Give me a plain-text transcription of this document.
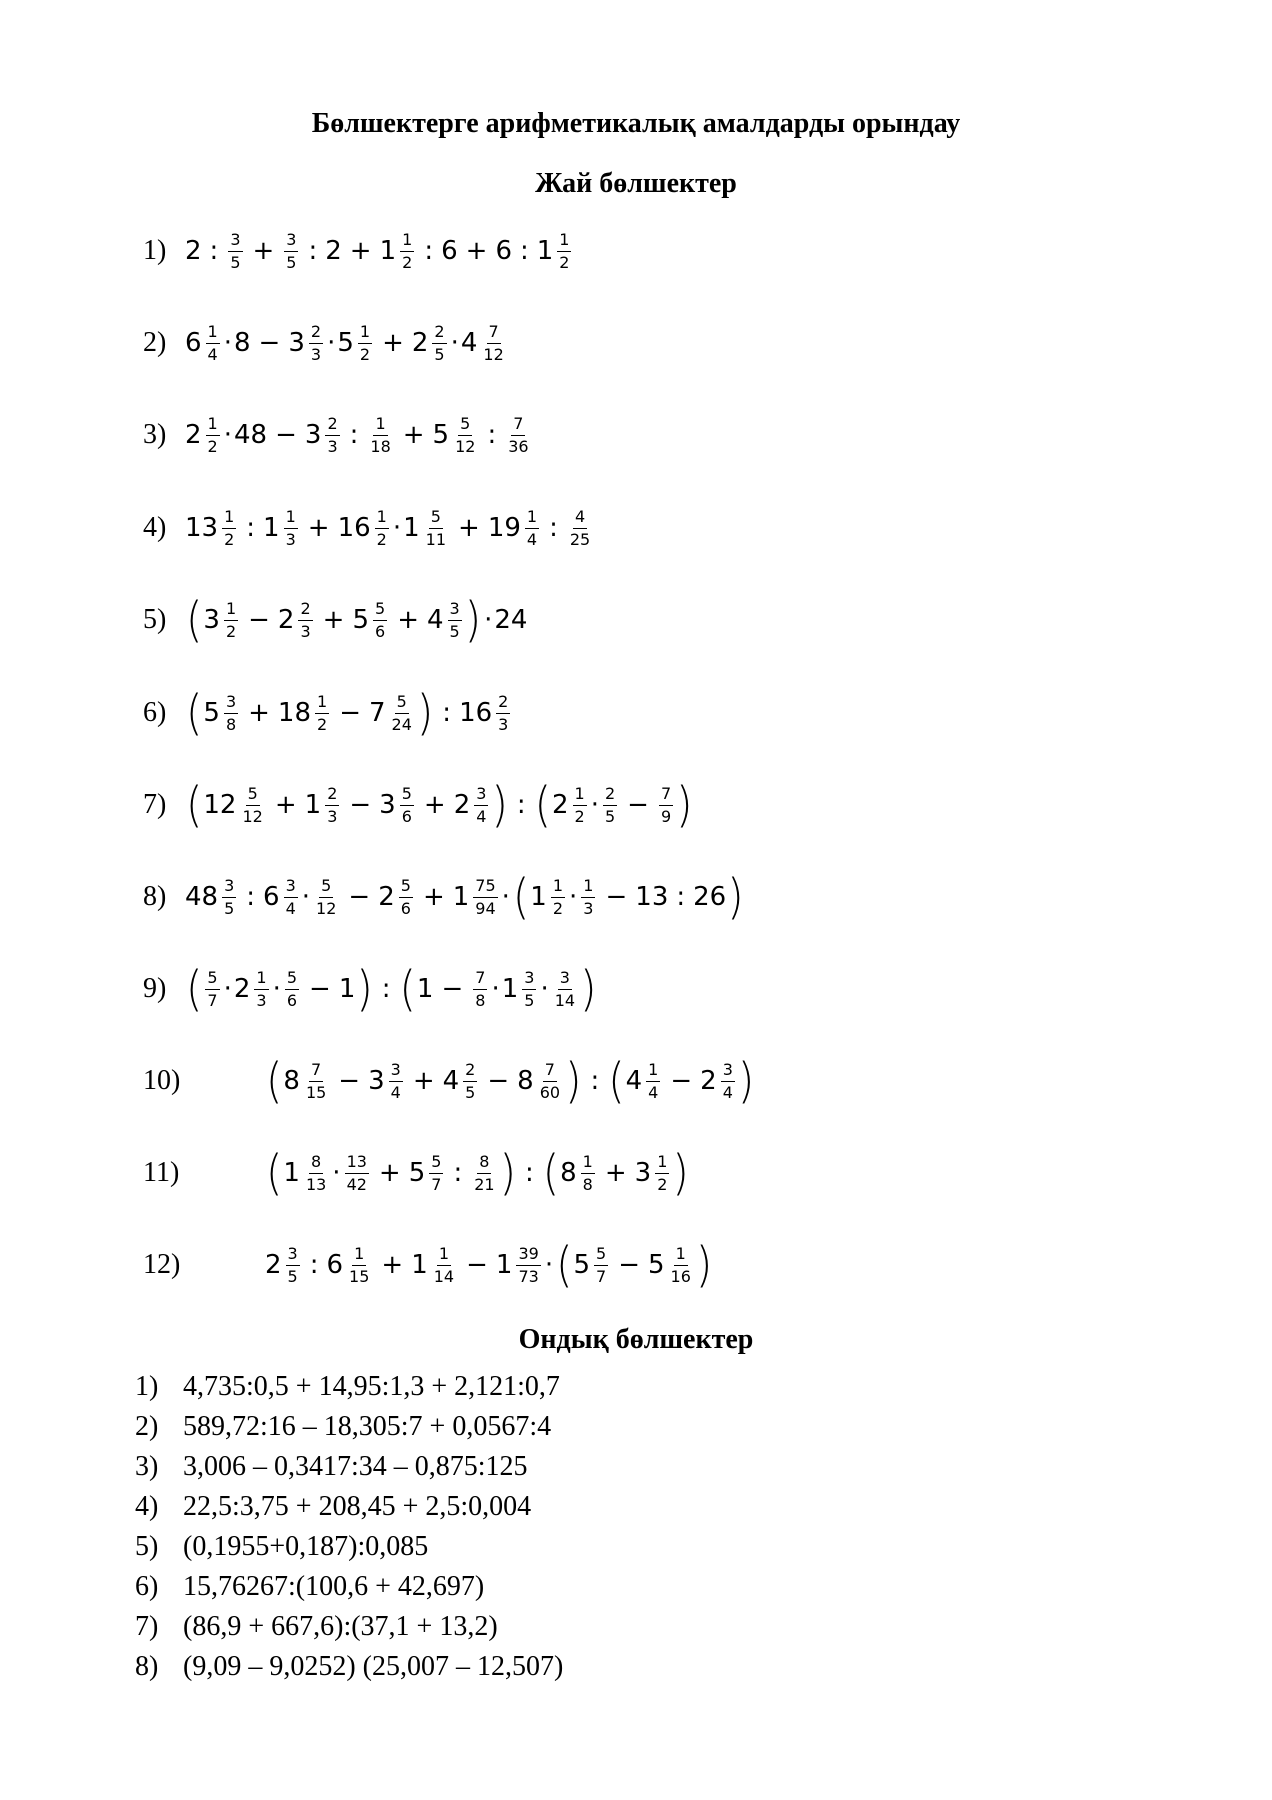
Бөлшектерге арифметикалық амалдарды орындау
Жай бөлшектер
1) 2 : $\frac{3}{5} + \frac{3}{5}$ : $2 + 1 \frac{1}{2}$ : 6 + 6 : $1 \frac{1}{2}$
2) $6 \frac{1}{4} \cdot 8 - 3 \frac{2}{3} \cdot 5 \frac{1}{2} + 2 \frac{2}{5} \cdot 4 \frac{7}{12}$
3) $2 \frac{1}{2} \cdot 48 - 3 \frac{2}{3}$ : $\frac{1}{18} + 5 \frac{5}{12}$ : $\frac{7}{36}$
4) $13 \frac{1}{2}$ : $1 \frac{1}{3} + 16 \frac{1}{2} \cdot 1 \frac{5}{11} + 19 \frac{1}{4}$ : $\frac{4}{25}$
5) ( $3 \frac{1}{2} - 2 \frac{2}{3} + 5 \frac{5}{6} + 4 \frac{3}{5}$ ) · 24
6) ( $5 \frac{3}{8} + 18 \frac{1}{2} - 7 \frac{5}{24}$ ) : $16 \frac{2}{3}$
7) ( $12 \frac{5}{12} + 1 \frac{2}{3} - 3 \frac{5}{6} + 2 \frac{3}{4}$ ) : ( $2 \frac{1}{2} \cdot \frac{2}{5} - \frac{7}{9}$ )
8) $48 \frac{3}{5}$ : $6 \frac{3}{4} \cdot \frac{5}{12} - 2 \frac{5}{6} + 1 \frac{75}{94}$ · ( $1 \frac{1}{2} \cdot \frac{1}{3} - 13$ : 26 )
9) ( $\frac{5}{7} \cdot 2 \frac{1}{3} \cdot \frac{5}{6} - 1$ ) : ( $1 - \frac{7}{8} \cdot 1 \frac{3}{5} \cdot \frac{3}{14}$ )
10)	( $8 \frac{7}{15} - 3 \frac{3}{4} + 4 \frac{2}{5} - 8 \frac{7}{60}$ ) : ( $4 \frac{1}{4} - 2 \frac{3}{4}$ )
11)	( $1 \frac{8}{13} \cdot \frac{13}{42} + 5 \frac{5}{7}$ : $\frac{8}{21}$ ) : ( $8 \frac{1}{8} + 3 \frac{1}{2}$ )
12)	$2 \frac{3}{5}$ : $6 \frac{1}{15} + 1 \frac{1}{14} - 1 \frac{39}{73}$ · ( $5 \frac{5}{7} - 5 \frac{1}{16}$ )
Ондық бөлшектер
1) 4,735:0,5 + 14,95:1,3 + 2,121:0,7
2) 589,72:16 – 18,305:7 + 0,0567:4
3) 3,006 – 0,3417:34 – 0,875:125
4) 22,5:3,75 + 208,45 + 2,5:0,004
5) (0,1955+0,187):0,085
6) 15,76267:(100,6 + 42,697)
7) (86,9 + 667,6):(37,1 + 13,2)
8) (9,09 – 9,0252) (25,007 – 12,507)
